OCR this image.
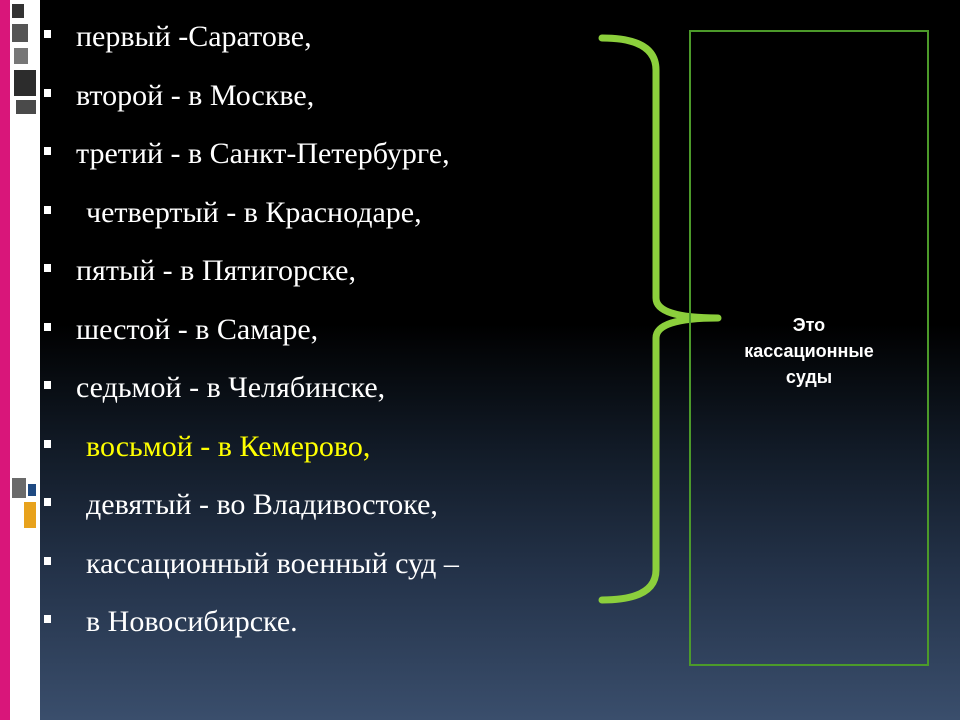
первый -Саратове,
второй - в Москве,
третий - в Санкт-Петербурге,
четвертый - в Краснодаре,
пятый - в Пятигорске,
шестой - в Самаре,
седьмой - в Челябинске,
восьмой - в Кемерово,
девятый - во Владивостоке,
кассационный военный суд –
в Новосибирске.
Это
кассационные
суды
